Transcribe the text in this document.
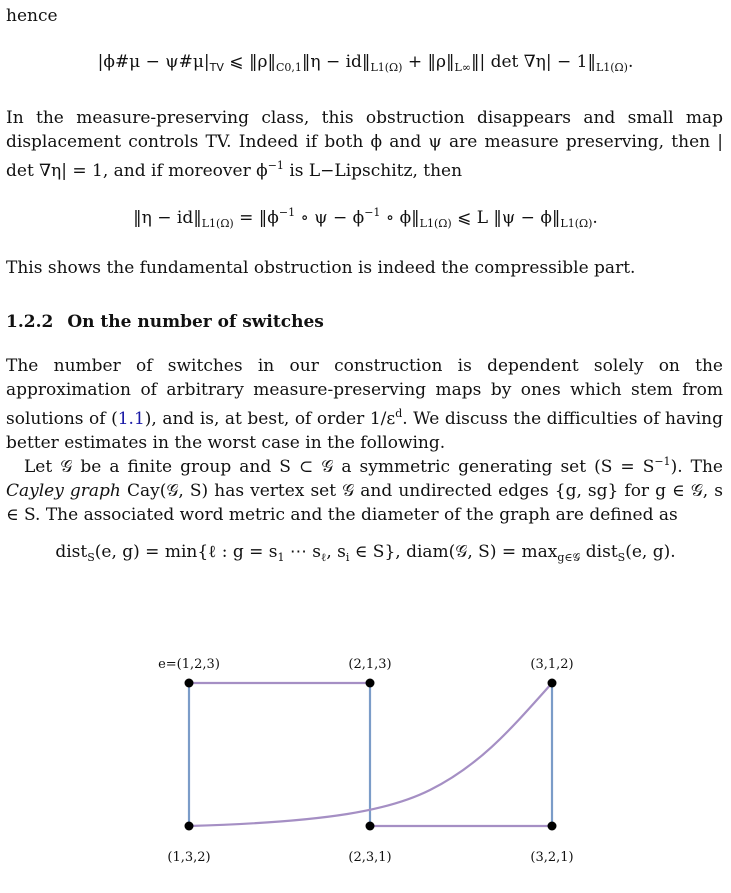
hence
|ϕ#μ − $\psi\#\mu|_{TV}$ ⩽ $‖\rho‖_{C0,1}‖\eta$ − $id‖_{L1(\Omega)}$ + $‖\rho‖_{L\infty}‖|$ $\det \nabla\eta| - 1‖_{L1(\Omega)}$.
In the measure-preserving class, this obstruction disappears and small map displacement controls TV. Indeed if both ϕ and ψ are measure preserving, then | det ∇η| = 1, and if moreover $\phi^{-1}$ is L−Lipschitz, then
‖η − $id‖_{L1(\Omega)}$ = $‖\phi^{-1}$ ∘ $\psi - \phi^{-1}$ ∘ $\phi‖_{L1(\Omega)}$ ⩽ L ‖ψ − $\phi‖_{L1(\Omega)}$.
This shows the fundamental obstruction is indeed the compressible part.
1.2.2 On the number of switches
The number of switches in our construction is dependent solely on the approximation of arbitrary measure-preserving maps by ones which stem from solutions of (1.1), and is, at best, of order $1/\varepsilon^d$. We discuss the difficulties of having better estimates in the worst case in the following.
Let 𝒢 be a finite group and S ⊂ 𝒢 a symmetric generating set $(S = S^{-1})$. The Cayley graph Cay(𝒢, S) has vertex set 𝒢 and undirected edges {g, sg} for g ∈ 𝒢, s ∈ S. The associated word metric and the diameter of the graph are defined as
dist$_S$(e, g) = min{ℓ : $g = s_1$ ⋯ $s_\ell$, $s_i$ ∈ S}, diam(𝒢, $S) = \max_{g\in 𝒢}$ dist$_S$(e, g).
e=(1,2,3)	(2,1,3)	(3,1,2)
(1,3,2)	(2,3,1)	(3,2,1)
